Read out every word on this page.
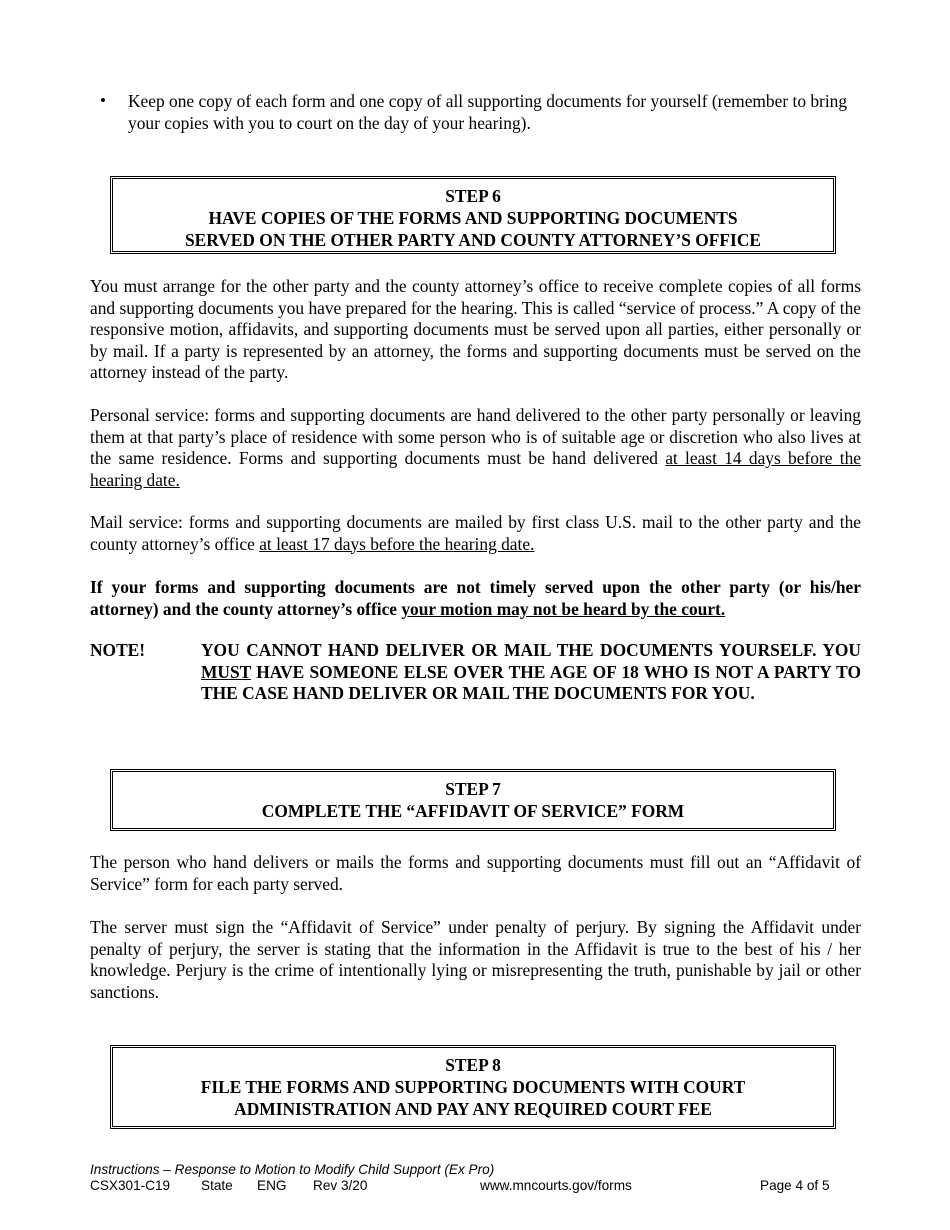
•	Keep one copy of each form and one copy of all supporting documents for yourself (remember to bring your copies with you to court on the day of your hearing).
STEP 6
HAVE COPIES OF THE FORMS AND SUPPORTING DOCUMENTS
SERVED ON THE OTHER PARTY AND COUNTY ATTORNEY’S OFFICE
You must arrange for the other party and the county attorney’s office to receive complete copies of all forms and supporting documents you have prepared for the hearing. This is called “service of process.” A copy of the responsive motion, affidavits, and supporting documents must be served upon all parties, either personally or by mail. If a party is represented by an attorney, the forms and supporting documents must be served on the attorney instead of the party.
Personal service: forms and supporting documents are hand delivered to the other party personally or leaving them at that party’s place of residence with some person who is of suitable age or discretion who also lives at the same residence. Forms and supporting documents must be hand delivered at least 14 days before the hearing date.
Mail service: forms and supporting documents are mailed by first class U.S. mail to the other party and the county attorney’s office at least 17 days before the hearing date.
If your forms and supporting documents are not timely served upon the other party (or his/her attorney) and the county attorney’s office your motion may not be heard by the court.
NOTE!	YOU CANNOT HAND DELIVER OR MAIL THE DOCUMENTS YOURSELF. YOU MUST HAVE SOMEONE ELSE OVER THE AGE OF 18 WHO IS NOT A PARTY TO THE CASE HAND DELIVER OR MAIL THE DOCUMENTS FOR YOU.
STEP 7
COMPLETE THE “AFFIDAVIT OF SERVICE” FORM
The person who hand delivers or mails the forms and supporting documents must fill out an “Affidavit of Service” form for each party served.
The server must sign the “Affidavit of Service” under penalty of perjury. By signing the Affidavit under penalty of perjury, the server is stating that the information in the Affidavit is true to the best of his / her knowledge. Perjury is the crime of intentionally lying or misrepresenting the truth, punishable by jail or other sanctions.
STEP 8
FILE THE FORMS AND SUPPORTING DOCUMENTS WITH COURT
ADMINISTRATION AND PAY ANY REQUIRED COURT FEE
Instructions – Response to Motion to Modify Child Support (Ex Pro)
CSX301-C19 State ENG Rev 3/20	www.mncourts.gov/forms	Page 4 of 5
